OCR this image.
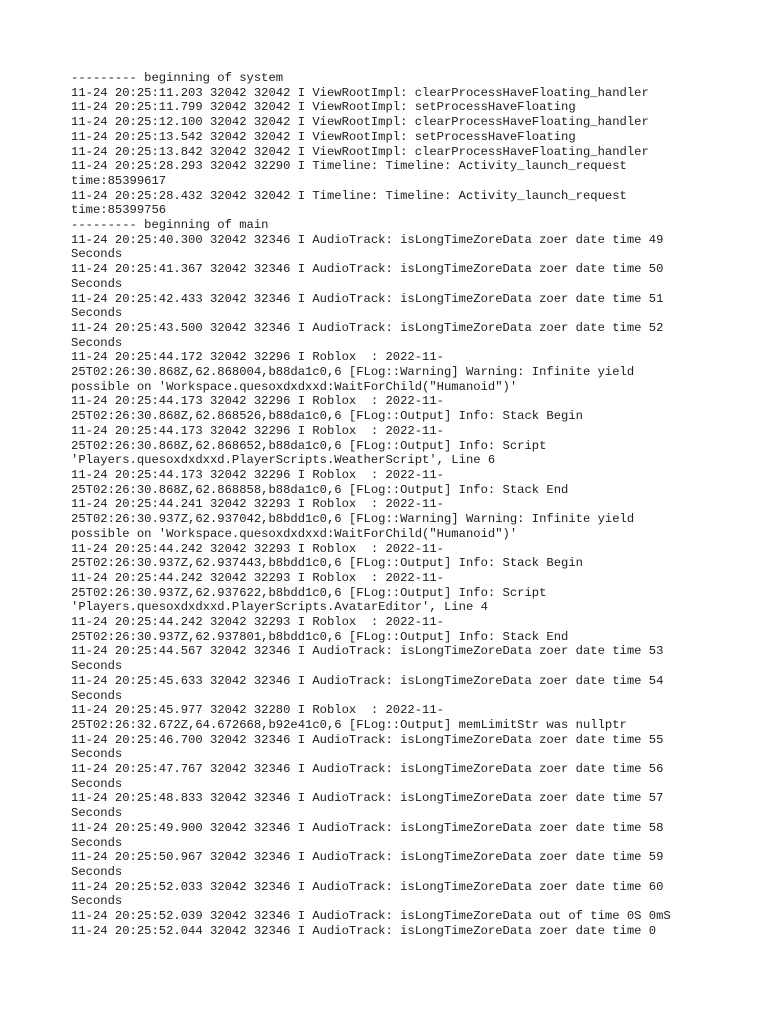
--------- beginning of system
11-24 20:25:11.203 32042 32042 I ViewRootImpl: clearProcessHaveFloating_handler
11-24 20:25:11.799 32042 32042 I ViewRootImpl: setProcessHaveFloating
11-24 20:25:12.100 32042 32042 I ViewRootImpl: clearProcessHaveFloating_handler
11-24 20:25:13.542 32042 32042 I ViewRootImpl: setProcessHaveFloating
11-24 20:25:13.842 32042 32042 I ViewRootImpl: clearProcessHaveFloating_handler
11-24 20:25:28.293 32042 32290 I Timeline: Timeline: Activity_launch_request
time:85399617
11-24 20:25:28.432 32042 32042 I Timeline: Timeline: Activity_launch_request
time:85399756
--------- beginning of main
11-24 20:25:40.300 32042 32346 I AudioTrack: isLongTimeZoreData zoer date time 49
Seconds
11-24 20:25:41.367 32042 32346 I AudioTrack: isLongTimeZoreData zoer date time 50
Seconds
11-24 20:25:42.433 32042 32346 I AudioTrack: isLongTimeZoreData zoer date time 51
Seconds
11-24 20:25:43.500 32042 32346 I AudioTrack: isLongTimeZoreData zoer date time 52
Seconds
11-24 20:25:44.172 32042 32296 I Roblox  : 2022-11-
25T02:26:30.868Z,62.868004,b88da1c0,6 [FLog::Warning] Warning: Infinite yield
possible on 'Workspace.quesoxdxdxxd:WaitForChild("Humanoid")'
11-24 20:25:44.173 32042 32296 I Roblox  : 2022-11-
25T02:26:30.868Z,62.868526,b88da1c0,6 [FLog::Output] Info: Stack Begin
11-24 20:25:44.173 32042 32296 I Roblox  : 2022-11-
25T02:26:30.868Z,62.868652,b88da1c0,6 [FLog::Output] Info: Script
'Players.quesoxdxdxxd.PlayerScripts.WeatherScript', Line 6
11-24 20:25:44.173 32042 32296 I Roblox  : 2022-11-
25T02:26:30.868Z,62.868858,b88da1c0,6 [FLog::Output] Info: Stack End
11-24 20:25:44.241 32042 32293 I Roblox  : 2022-11-
25T02:26:30.937Z,62.937042,b8bdd1c0,6 [FLog::Warning] Warning: Infinite yield
possible on 'Workspace.quesoxdxdxxd:WaitForChild("Humanoid")'
11-24 20:25:44.242 32042 32293 I Roblox  : 2022-11-
25T02:26:30.937Z,62.937443,b8bdd1c0,6 [FLog::Output] Info: Stack Begin
11-24 20:25:44.242 32042 32293 I Roblox  : 2022-11-
25T02:26:30.937Z,62.937622,b8bdd1c0,6 [FLog::Output] Info: Script
'Players.quesoxdxdxxd.PlayerScripts.AvatarEditor', Line 4
11-24 20:25:44.242 32042 32293 I Roblox  : 2022-11-
25T02:26:30.937Z,62.937801,b8bdd1c0,6 [FLog::Output] Info: Stack End
11-24 20:25:44.567 32042 32346 I AudioTrack: isLongTimeZoreData zoer date time 53
Seconds
11-24 20:25:45.633 32042 32346 I AudioTrack: isLongTimeZoreData zoer date time 54
Seconds
11-24 20:25:45.977 32042 32280 I Roblox  : 2022-11-
25T02:26:32.672Z,64.672668,b92e41c0,6 [FLog::Output] memLimitStr was nullptr
11-24 20:25:46.700 32042 32346 I AudioTrack: isLongTimeZoreData zoer date time 55
Seconds
11-24 20:25:47.767 32042 32346 I AudioTrack: isLongTimeZoreData zoer date time 56
Seconds
11-24 20:25:48.833 32042 32346 I AudioTrack: isLongTimeZoreData zoer date time 57
Seconds
11-24 20:25:49.900 32042 32346 I AudioTrack: isLongTimeZoreData zoer date time 58
Seconds
11-24 20:25:50.967 32042 32346 I AudioTrack: isLongTimeZoreData zoer date time 59
Seconds
11-24 20:25:52.033 32042 32346 I AudioTrack: isLongTimeZoreData zoer date time 60
Seconds
11-24 20:25:52.039 32042 32346 I AudioTrack: isLongTimeZoreData out of time 0S 0mS
11-24 20:25:52.044 32042 32346 I AudioTrack: isLongTimeZoreData zoer date time 0
